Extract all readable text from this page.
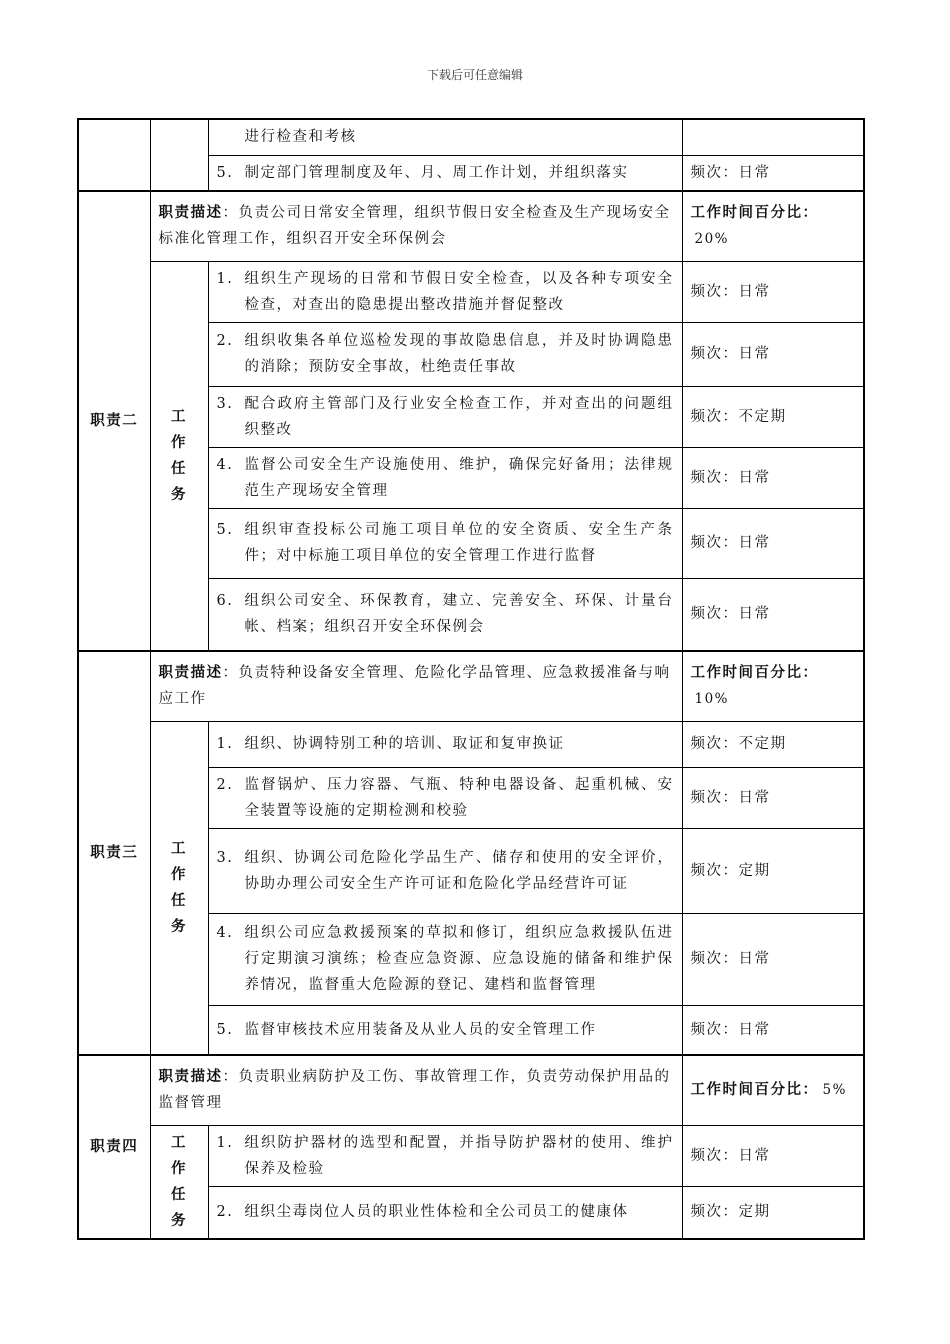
下载后可任意编辑

		进行检查和考核	

		5. 制定部门管理制度及年、月、周工作计划，并组织落实	频次：日常
职责二	职责描述：负责公司日常安全管理，组织节假日安全检查及生产现场安全标准化管理工作，组织召开安全环保例会		工作时间百分比：20%

	工作任务	1. 组织生产现场的日常和节假日安全检查，以及各种专项安全检查，对查出的隐患提出整改措施并督促整改	频次：日常

		2. 组织收集各单位巡检发现的事故隐患信息，并及时协调隐患的消除；预防安全事故，杜绝责任事故	频次：日常

		3. 配合政府主管部门及行业安全检查工作，并对查出的问题组织整改	频次：不定期

		4. 监督公司安全生产设施使用、维护，确保完好备用；法律规范生产现场安全管理	频次：日常

		5. 组织审查投标公司施工项目单位的安全资质、安全生产条件；对中标施工项目单位的安全管理工作进行监督	频次：日常

		6. 组织公司安全、环保教育，建立、完善安全、环保、计量台帐、档案；组织召开安全环保例会	频次：日常
职责三	职责描述：负责特种设备安全管理、危险化学品管理、应急救援准备与响应工作		工作时间百分比：10%

	工作任务	1. 组织、协调特别工种的培训、取证和复审换证	频次：不定期

		2. 监督锅炉、压力容器、气瓶、特种电器设备、起重机械、安全装置等设施的定期检测和校验	频次：日常

		3. 组织、协调公司危险化学品生产、储存和使用的安全评价，协助办理公司安全生产许可证和危险化学品经营许可证	频次：定期

		4. 组织公司应急救援预案的草拟和修订，组织应急救援队伍进行定期演习演练；检查应急资源、应急设施的储备和维护保养情况，监督重大危险源的登记、建档和监督管理	频次：日常

		5. 监督审核技术应用装备及从业人员的安全管理工作	频次：日常
职责四	职责描述：负责职业病防护及工伤、事故管理工作，负责劳动保护用品的监督管理		工作时间百分比： 5%

	工作任务	1. 组织防护器材的选型和配置，并指导防护器材的使用、维护保养及检验	频次：日常

		2. 组织尘毒岗位人员的职业性体检和全公司员工的健康体	频次：定期
